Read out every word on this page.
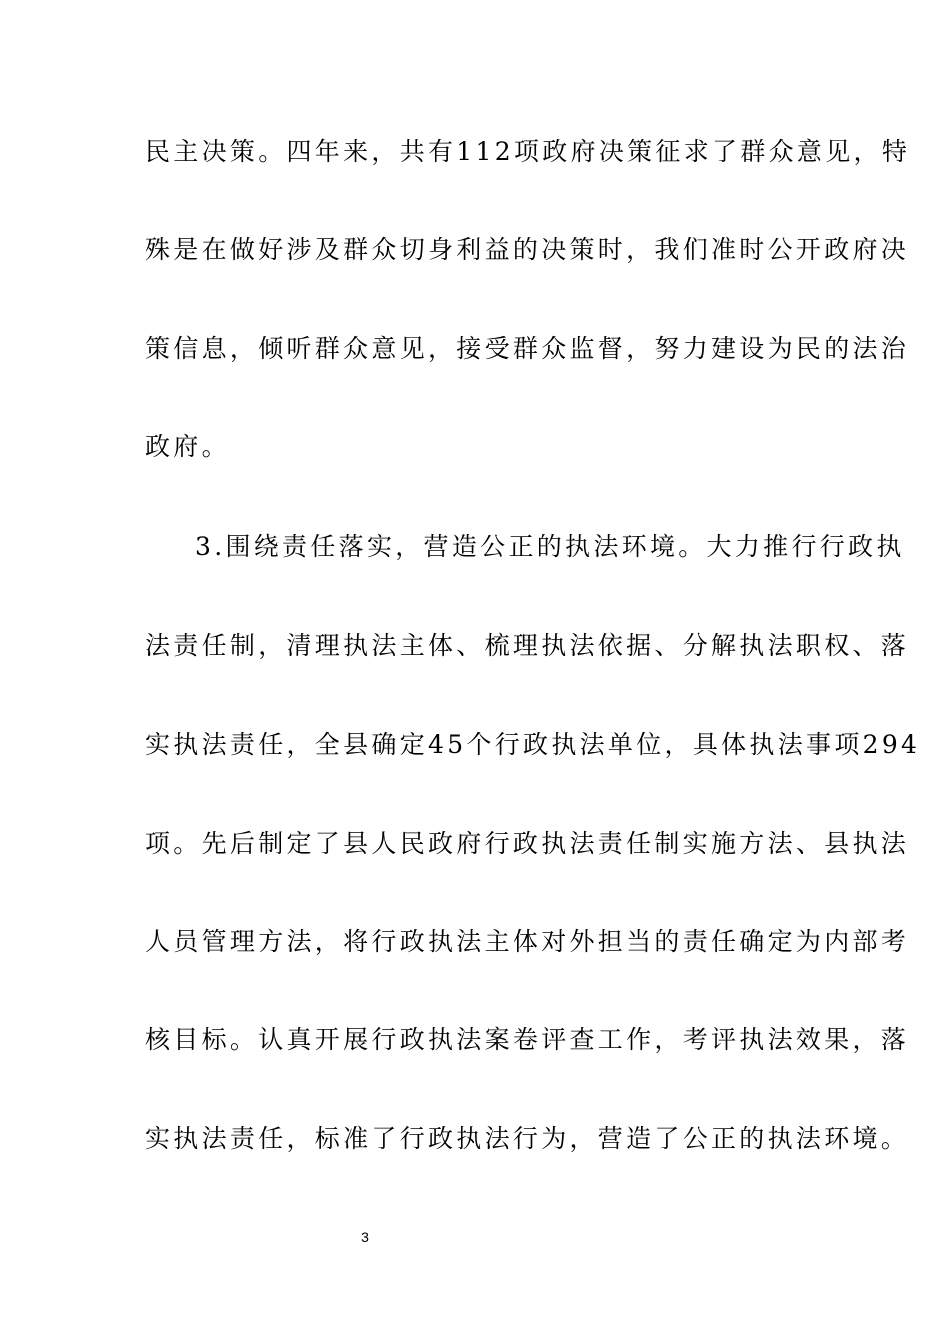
民主决策。四年来，共有112项政府决策征求了群众意见，特
殊是在做好涉及群众切身利益的决策时，我们准时公开政府决
策信息，倾听群众意见，接受群众监督，努力建设为民的法治
政府。
3.围绕责任落实，营造公正的执法环境。大力推行行政执
法责任制，清理执法主体、梳理执法依据、分解执法职权、落
实执法责任，全县确定45个行政执法单位，具体执法事项294
项。先后制定了县人民政府行政执法责任制实施方法、县执法
人员管理方法，将行政执法主体对外担当的责任确定为内部考
核目标。认真开展行政执法案卷评查工作，考评执法效果，落
实执法责任，标准了行政执法行为，营造了公正的执法环境。
3
